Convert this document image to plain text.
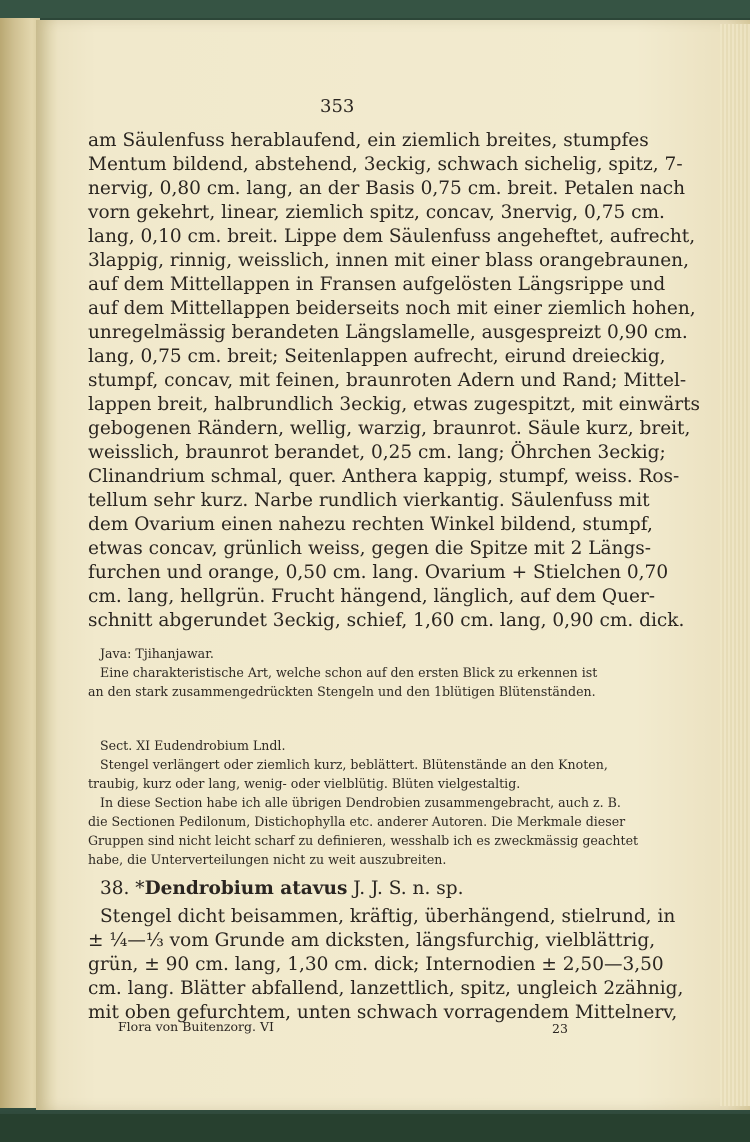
353

am Säulenfuss herablaufend, ein ziemlich breites, stumpfes

Mentum bildend, abstehend, 3eckig, schwach sichelig, spitz, 7-

nervig, 0,80 cm. lang, an der Basis 0,75 cm. breit. Petalen nach

vorn gekehrt, linear, ziemlich spitz, concav, 3nervig, 0,75 cm.

lang, 0,10 cm. breit. Lippe dem Säulenfuss angeheftet, aufrecht,

3lappig, rinnig, weisslich, innen mit einer blass orangebraunen,

auf dem Mittellappen in Fransen aufgelösten Längsrippe und

auf dem Mittellappen beiderseits noch mit einer ziemlich hohen,

unregelmässig berandeten Längslamelle, ausgespreizt 0,90 cm.

lang, 0,75 cm. breit; Seitenlappen aufrecht, eirund dreieckig,

stumpf, concav, mit feinen, braunroten Adern und Rand; Mittel-

lappen breit, halbrundlich 3eckig, etwas zugespitzt, mit einwärts

gebogenen Rändern, wellig, warzig, braunrot. Säule kurz, breit,

weisslich, braunrot berandet, 0,25 cm. lang; Öhrchen 3eckig;

Clinandrium schmal, quer. Anthera kappig, stumpf, weiss. Ros-

tellum sehr kurz. Narbe rundlich vierkantig. Säulenfuss mit

dem Ovarium einen nahezu rechten Winkel bildend, stumpf,

etwas concav, grünlich weiss, gegen die Spitze mit 2 Längs-

furchen und orange, 0,50 cm. lang. Ovarium + Stielchen 0,70

cm. lang, hellgrün. Frucht hängend, länglich, auf dem Quer-

schnitt abgerundet 3eckig, schief, 1,60 cm. lang, 0,90 cm. dick.

Java: Tjihanjawar.

Eine charakteristische Art, welche schon auf den ersten Blick zu erkennen ist

an den stark zusammengedrückten Stengeln und den 1blütigen Blütenständen.

Sect. XI Eudendrobium Lndl.

Stengel verlängert oder ziemlich kurz, beblättert. Blütenstände an den Knoten,

traubig, kurz oder lang, wenig- oder vielblütig. Blüten vielgestaltig.

In diese Section habe ich alle übrigen Dendrobien zusammengebracht, auch z. B.

die Sectionen Pedilonum, Distichophylla etc. anderer Autoren. Die Merkmale dieser

Gruppen sind nicht leicht scharf zu definieren, wesshalb ich es zweckmässig geachtet

habe, die Unterverteilungen nicht zu weit auszubreiten.

38. *Dendrobium atavus J. J. S. n. sp.

Stengel dicht beisammen, kräftig, überhängend, stielrund, in

± ¼—⅓ vom Grunde am dicksten, längsfurchig, vielblättrig,

grün, ± 90 cm. lang, 1,30 cm. dick; Internodien ± 2,50—3,50

cm. lang. Blätter abfallend, lanzettlich, spitz, ungleich 2zähnig,

mit oben gefurchtem, unten schwach vorragendem Mittelnerv,

Flora von Buitenzorg. VI	23
